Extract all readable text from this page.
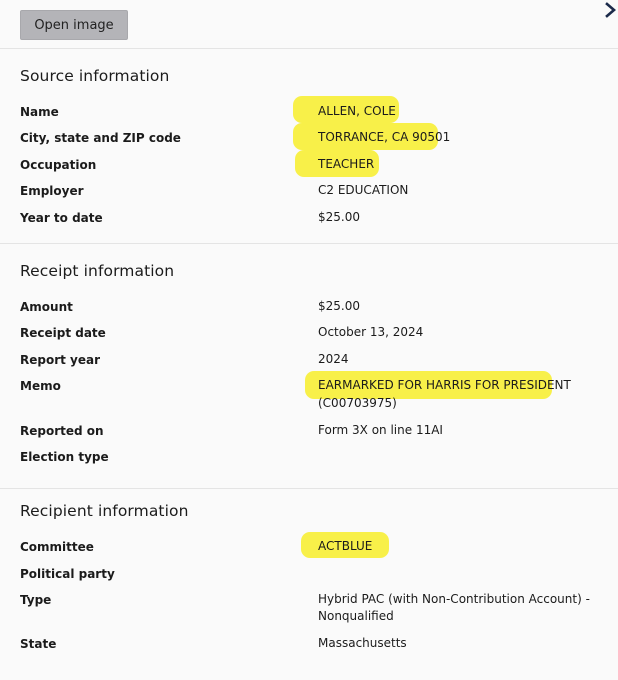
Open image
Source information
Name	ALLEN, COLE
City, state and ZIP code	TORRANCE, CA 90501
Occupation	TEACHER
Employer	C2 EDUCATION
Year to date	$25.00
Receipt information
Amount	$25.00
Receipt date	October 13, 2024
Report year	2024
Memo	EARMARKED FOR HARRIS FOR PRESIDENT
(C00703975)
Reported on	Form 3X on line 11AI
Election type
Recipient information
Committee	ACTBLUE
Political party
Type	Hybrid PAC (with Non-Contribution Account) -
Nonqualified
State	Massachusetts
